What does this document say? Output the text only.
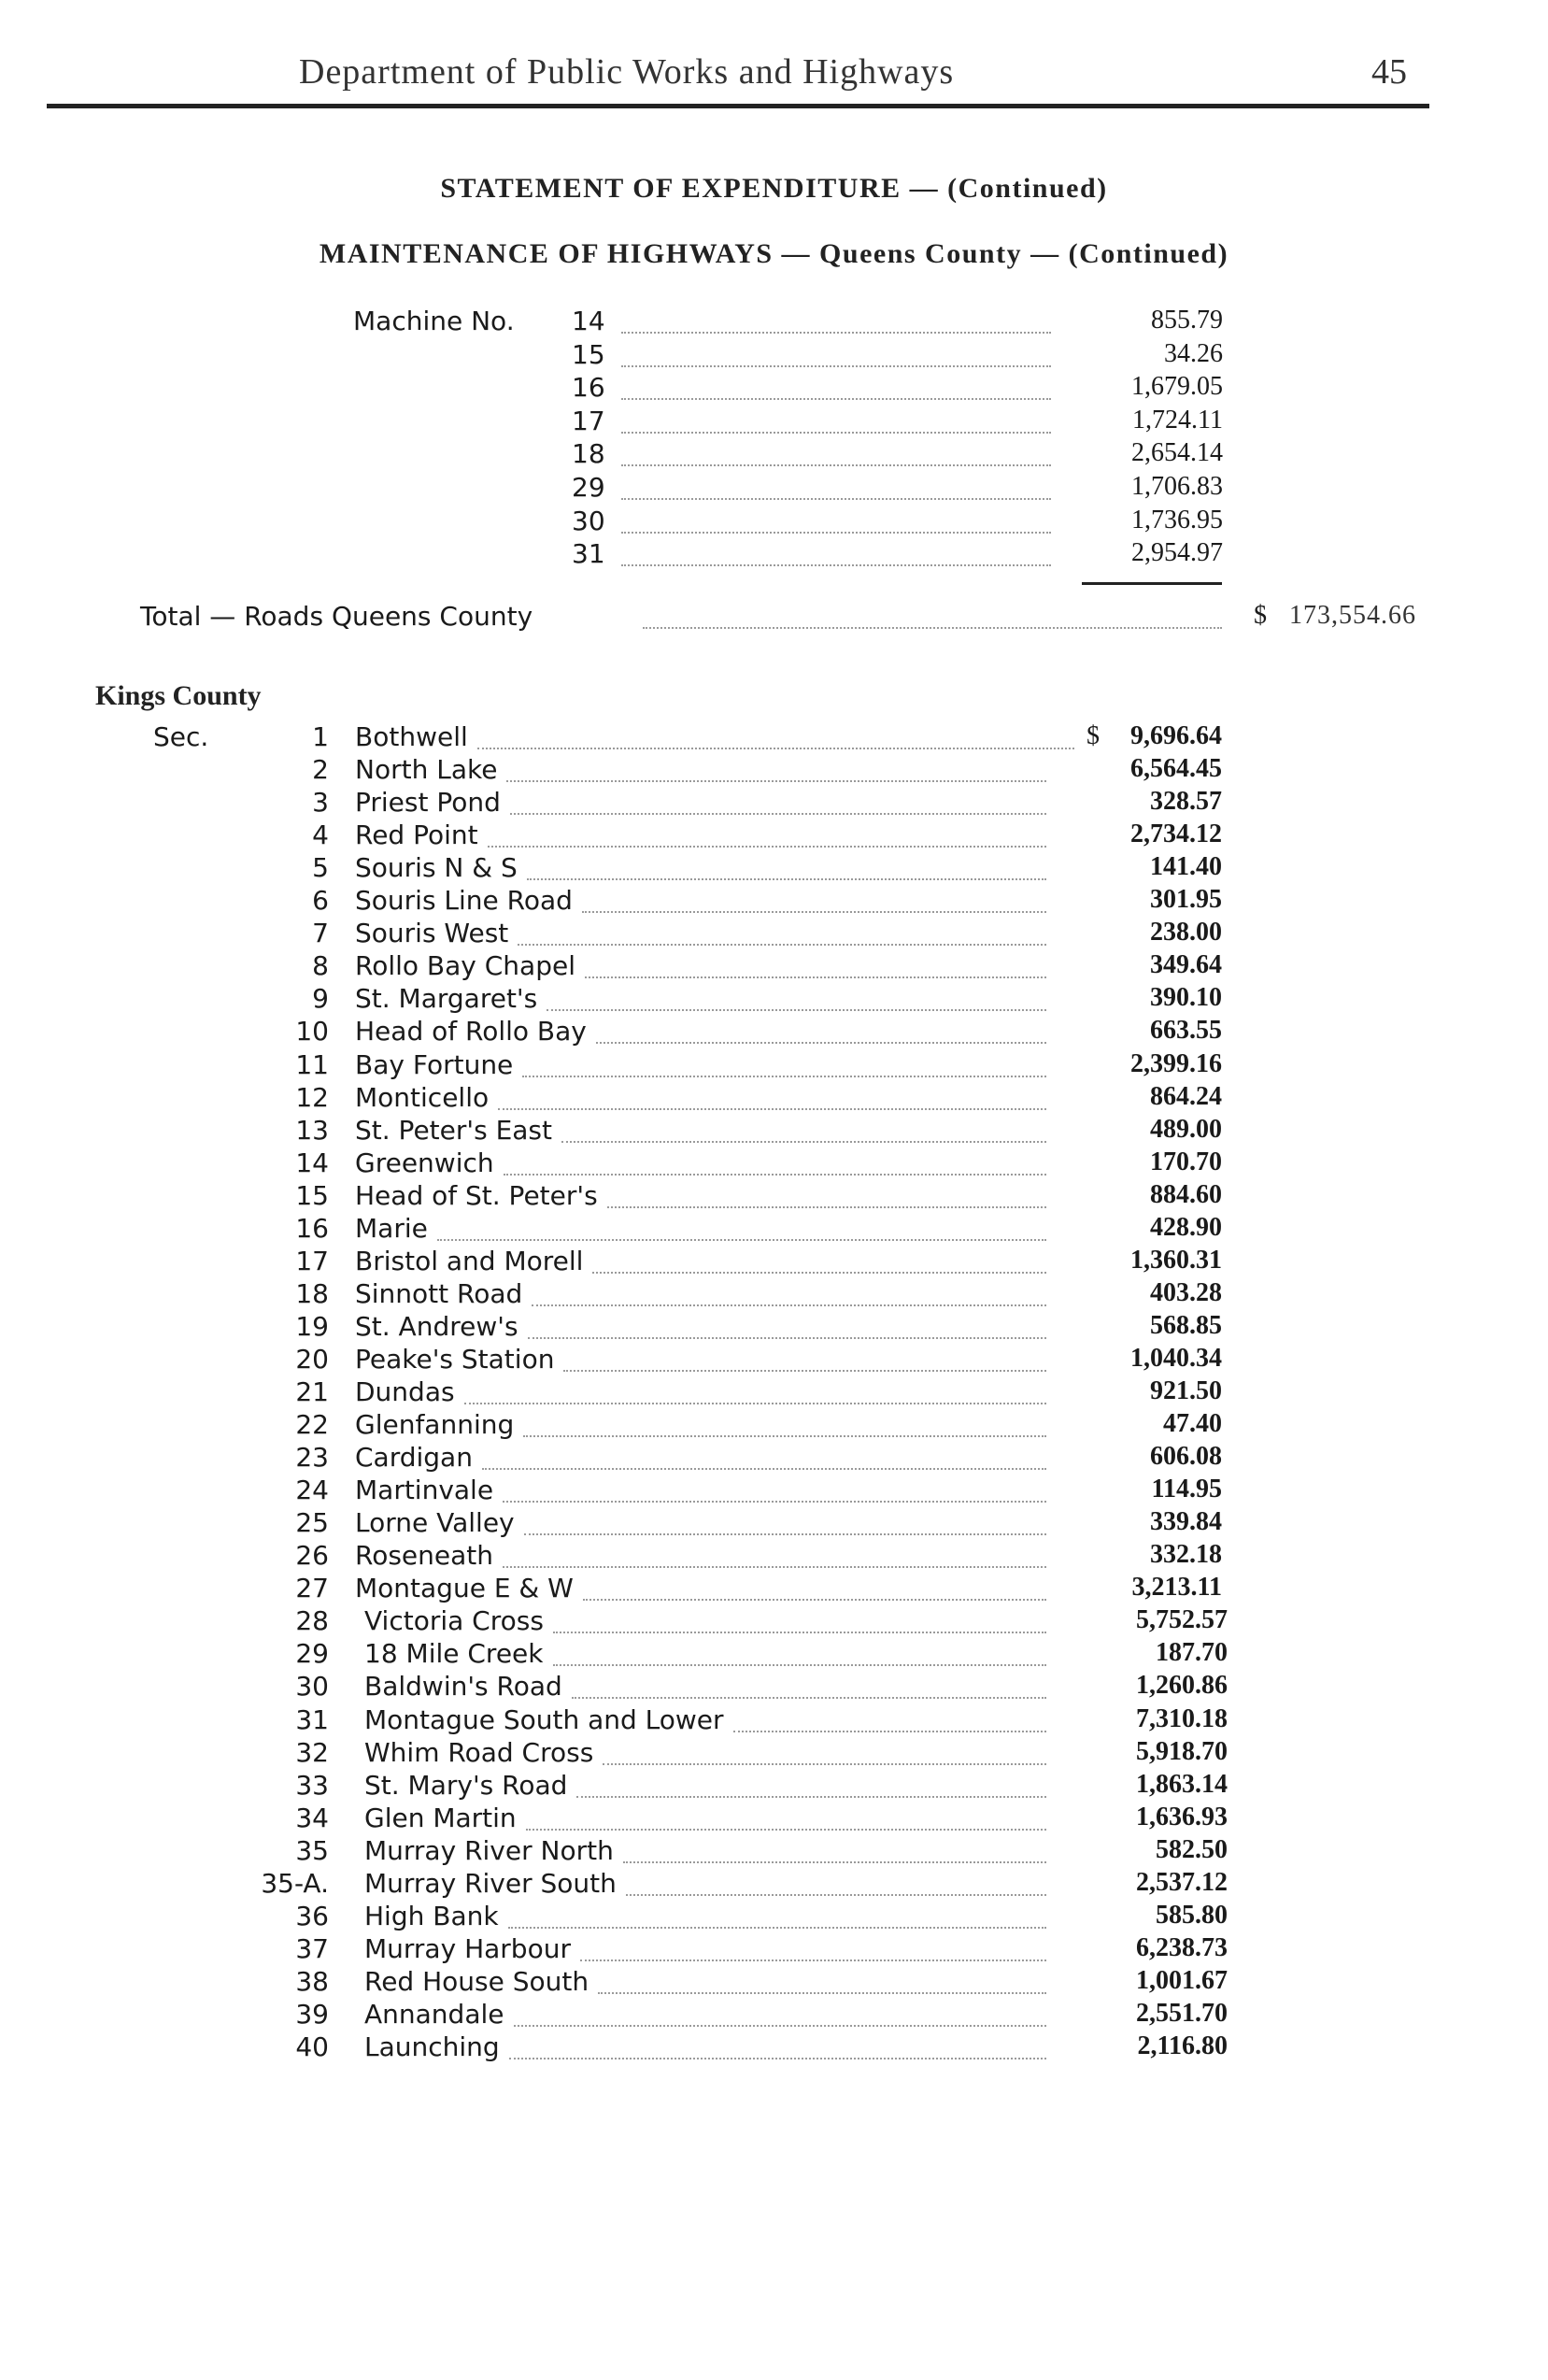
Department of Public Works and Highways	45
STATEMENT OF EXPENDITURE — (Continued)
MAINTENANCE OF HIGHWAYS — Queens County — (Continued)
Machine No. 14	855.79
15	34.26
16	1,679.05
17	1,724.11
18	2,654.14
29	1,706.83
30	1,736.95
31	2,954.97
Total — Roads Queens County	$ 173,554.66
Kings County
Sec.	1 Bothwell	$ 9,696.64
2 North Lake	6,564.45
3 Priest Pond	328.57
4 Red Point	2,734.12
5 Souris N & S	141.40
6 Souris Line Road	301.95
7 Souris West	238.00
8 Rollo Bay Chapel	349.64
9 St. Margaret's	390.10
10 Head of Rollo Bay	663.55
11 Bay Fortune	2,399.16
12 Monticello	864.24
13 St. Peter's East	489.00
14 Greenwich	170.70
15 Head of St. Peter's	884.60
16 Marie	428.90
17 Bristol and Morell	1,360.31
18 Sinnott Road	403.28
19 St. Andrew's	568.85
20 Peake's Station	1,040.34
21 Dundas	921.50
22 Glenfanning	47.40
23 Cardigan	606.08
24 Martinvale	114.95
25 Lorne Valley	339.84
26 Roseneath	332.18
27 Montague E & W	3,213.11
28 Victoria Cross	5,752.57
29 18 Mile Creek	187.70
30 Baldwin's Road	1,260.86
31 Montague South and Lower	7,310.18
32 Whim Road Cross	5,918.70
33 St. Mary's Road	1,863.14
34 Glen Martin	1,636.93
35 Murray River North	582.50
35-A. Murray River South	2,537.12
36 High Bank	585.80
37 Murray Harbour	6,238.73
38 Red House South	1,001.67
39 Annandale	2,551.70
40 Launching	2,116.80
